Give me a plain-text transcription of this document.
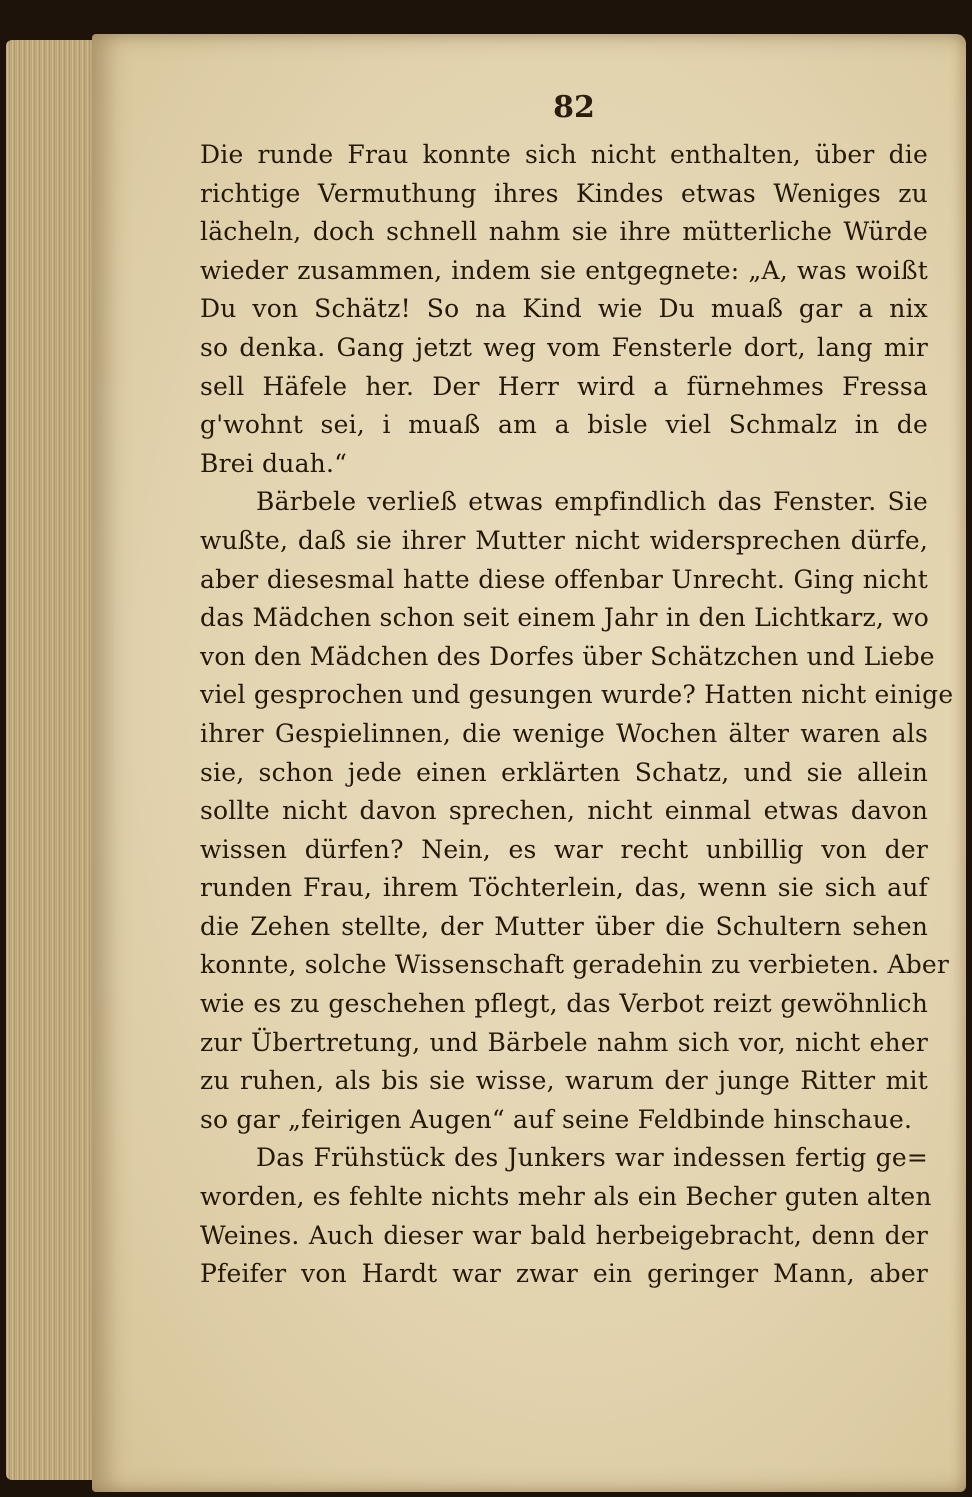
82
Die runde Frau konnte sich nicht enthalten, über die
richtige Vermuthung ihres Kindes etwas Weniges zu
lächeln, doch schnell nahm sie ihre mütterliche Würde
wieder zusammen, indem sie entgegnete: „A, was woißt
Du von Schätz! So na Kind wie Du muaß gar a nix
so denka. Gang jetzt weg vom Fensterle dort, lang mir
sell Häfele her. Der Herr wird a fürnehmes Fressa
g'wohnt sei, i muaß am a bisle viel Schmalz in de
Brei duah.“
Bärbele verließ etwas empfindlich das Fenster. Sie
wußte, daß sie ihrer Mutter nicht widersprechen dürfe,
aber diesesmal hatte diese offenbar Unrecht. Ging nicht
das Mädchen schon seit einem Jahr in den Lichtkarz, wo
von den Mädchen des Dorfes über Schätzchen und Liebe
viel gesprochen und gesungen wurde? Hatten nicht einige
ihrer Gespielinnen, die wenige Wochen älter waren als
sie, schon jede einen erklärten Schatz, und sie allein
sollte nicht davon sprechen, nicht einmal etwas davon
wissen dürfen? Nein, es war recht unbillig von der
runden Frau, ihrem Töchterlein, das, wenn sie sich auf
die Zehen stellte, der Mutter über die Schultern sehen
konnte, solche Wissenschaft geradehin zu verbieten. Aber
wie es zu geschehen pflegt, das Verbot reizt gewöhnlich
zur Übertretung, und Bärbele nahm sich vor, nicht eher
zu ruhen, als bis sie wisse, warum der junge Ritter mit
so gar „feirigen Augen“ auf seine Feldbinde hinschaue.
Das Frühstück des Junkers war indessen fertig ge=
worden, es fehlte nichts mehr als ein Becher guten alten
Weines. Auch dieser war bald herbeigebracht, denn der
Pfeifer von Hardt war zwar ein geringer Mann, aber
